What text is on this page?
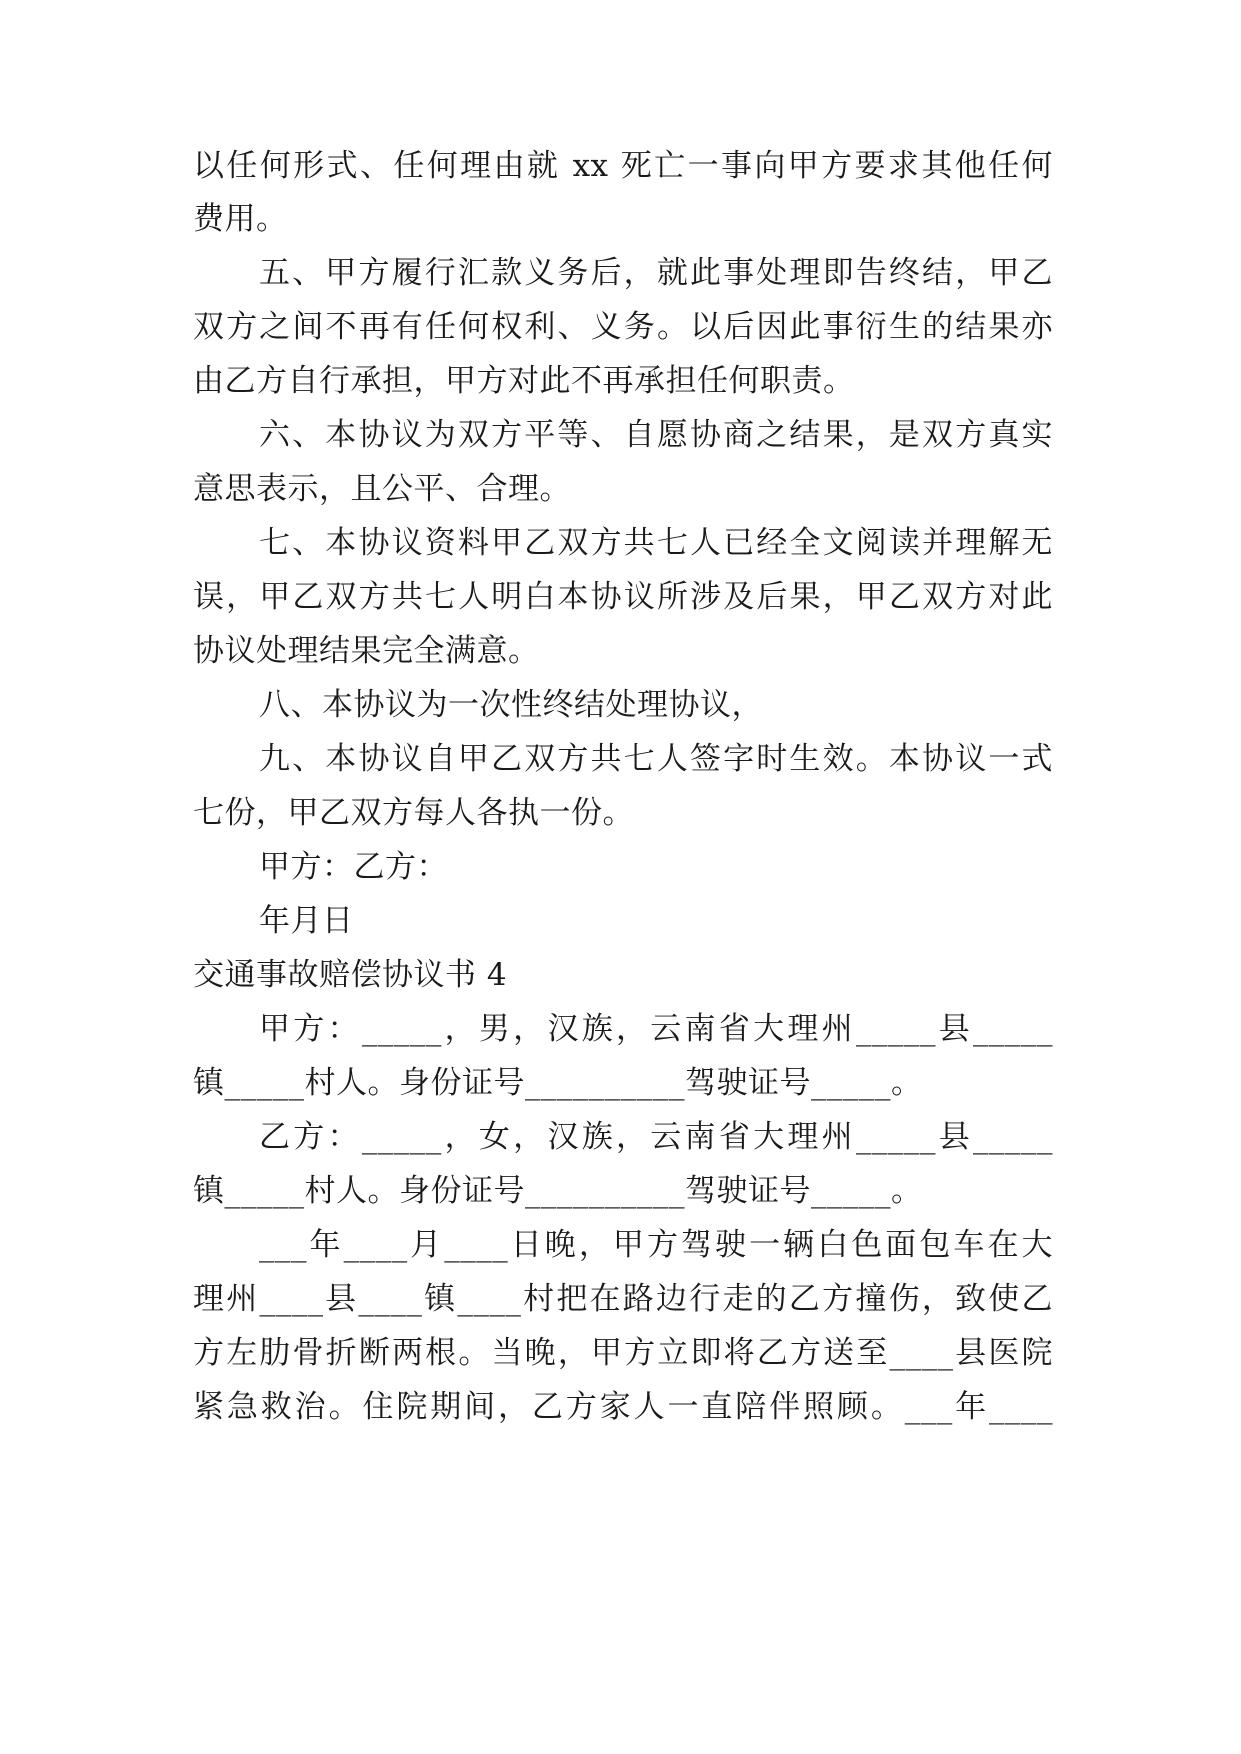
以任何形式、任何理由就 xx 死亡一事向甲方要求其他任何
费用。
五、甲方履行汇款义务后，就此事处理即告终结，甲乙
双方之间不再有任何权利、义务。以后因此事衍生的结果亦
由乙方自行承担，甲方对此不再承担任何职责。
六、本协议为双方平等、自愿协商之结果，是双方真实
意思表示，且公平、合理。
七、本协议资料甲乙双方共七人已经全文阅读并理解无
误，甲乙双方共七人明白本协议所涉及后果，甲乙双方对此
协议处理结果完全满意。
八、本协议为一次性终结处理协议，
九、本协议自甲乙双方共七人签字时生效。本协议一式
七份，甲乙双方每人各执一份。
甲方：乙方：
年月日
交通事故赔偿协议书 4
甲方：_____，男，汉族，云南省大理州_____县_____
镇_____村人。身份证号__________驾驶证号_____。
乙方：_____，女，汉族，云南省大理州_____县_____
镇_____村人。身份证号__________驾驶证号_____。
___年____月____日晚，甲方驾驶一辆白色面包车在大
理州____县____镇____村把在路边行走的乙方撞伤，致使乙
方左肋骨折断两根。当晚，甲方立即将乙方送至____县医院
紧急救治。住院期间，乙方家人一直陪伴照顾。___年____
